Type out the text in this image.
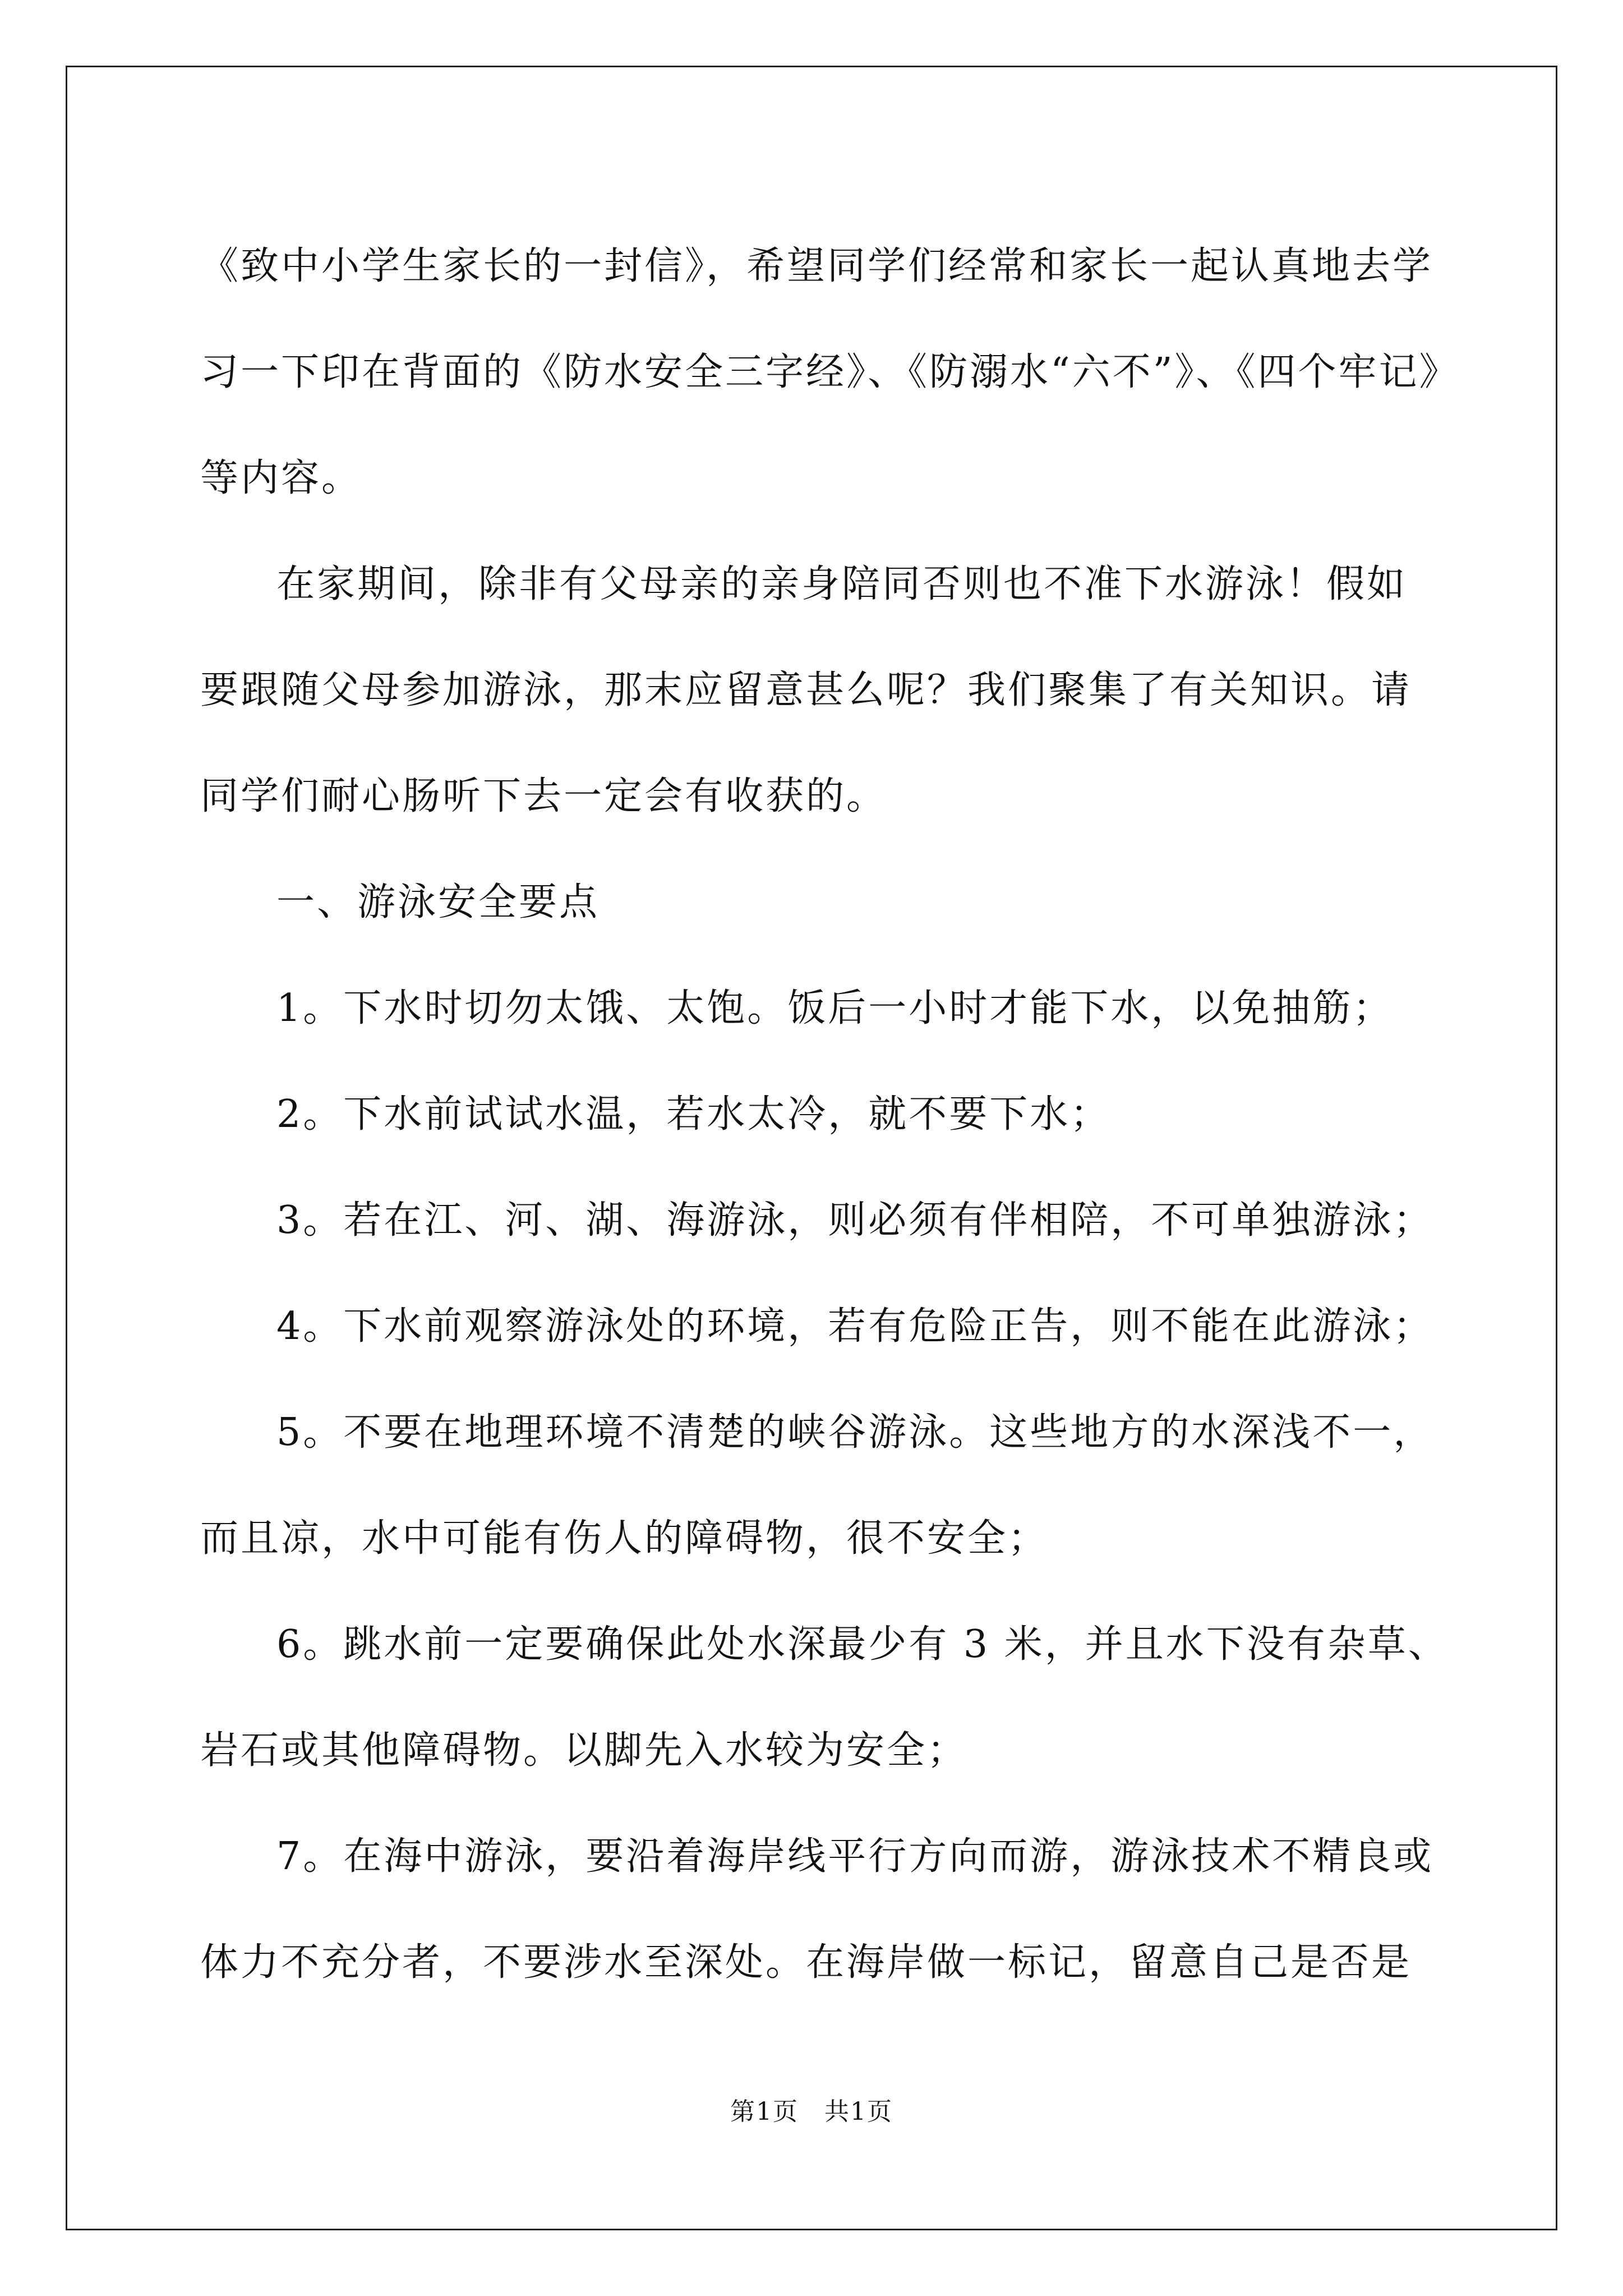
《致中小学生家长的一封信》，希望同学们经常和家长一起认真地去学
习一下印在背面的《防水安全三字经》、《防溺水“六不”》、《四个牢记》
等内容。
在家期间，除非有父母亲的亲身陪同否则也不准下水游泳！假如
要跟随父母参加游泳，那末应留意甚么呢？我们聚集了有关知识。请
同学们耐心肠听下去一定会有收获的。
一、游泳安全要点
1。下水时切勿太饿、太饱。饭后一小时才能下水，以免抽筋；
2。下水前试试水温，若水太冷，就不要下水；
3。若在江、河、湖、海游泳，则必须有伴相陪，不可单独游泳；
4。下水前观察游泳处的环境，若有危险正告，则不能在此游泳；
5。不要在地理环境不清楚的峡谷游泳。这些地方的水深浅不一，
而且凉，水中可能有伤人的障碍物，很不安全；
6。跳水前一定要确保此处水深最少有 3 米，并且水下没有杂草、
岩石或其他障碍物。以脚先入水较为安全；
7。在海中游泳，要沿着海岸线平行方向而游，游泳技术不精良或
体力不充分者，不要涉水至深处。在海岸做一标记，留意自己是否是
第1页　共1页
